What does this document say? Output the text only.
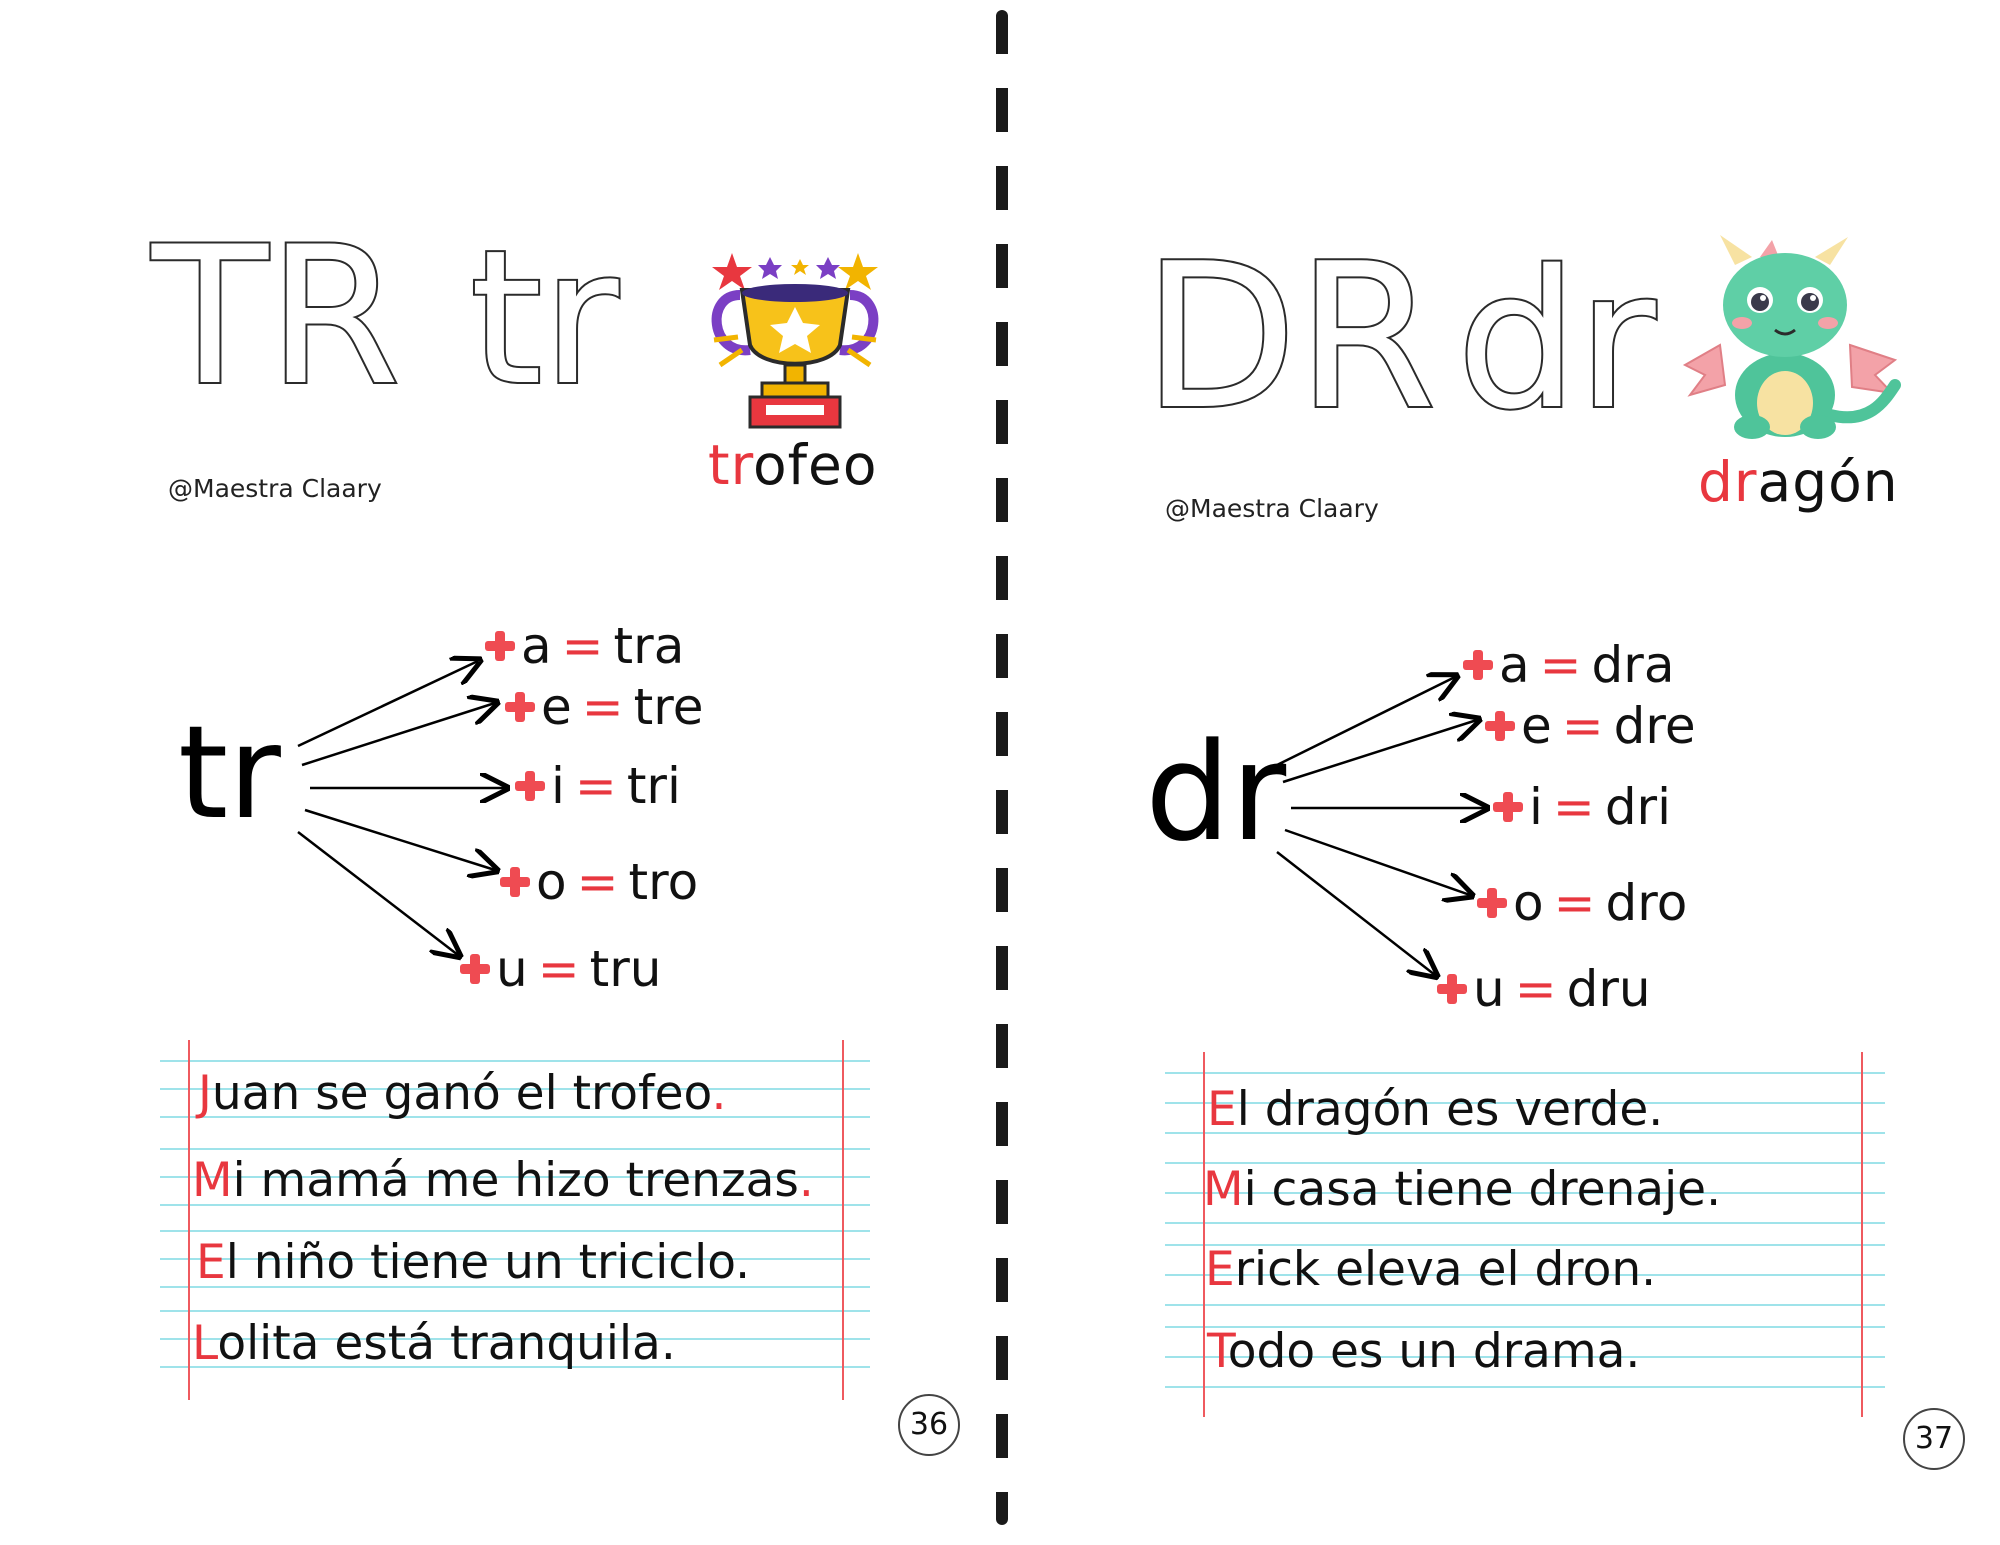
TR tr
trofeo
@Maestra Claary
tr
a = tra
e = tre
i = tri
o = tro
u = tru
Juan se ganó el trofeo.
Mi mamá me hizo trenzas.
El niño tiene un triciclo.
Lolita está tranquila.
36
DR dr
dragón
@Maestra Claary
dr
a = dra
e = dre
i = dri
o = dro
u = dru
El dragón es verde.
Mi casa tiene drenaje.
Erick eleva el dron.
Todo es un drama.
37
